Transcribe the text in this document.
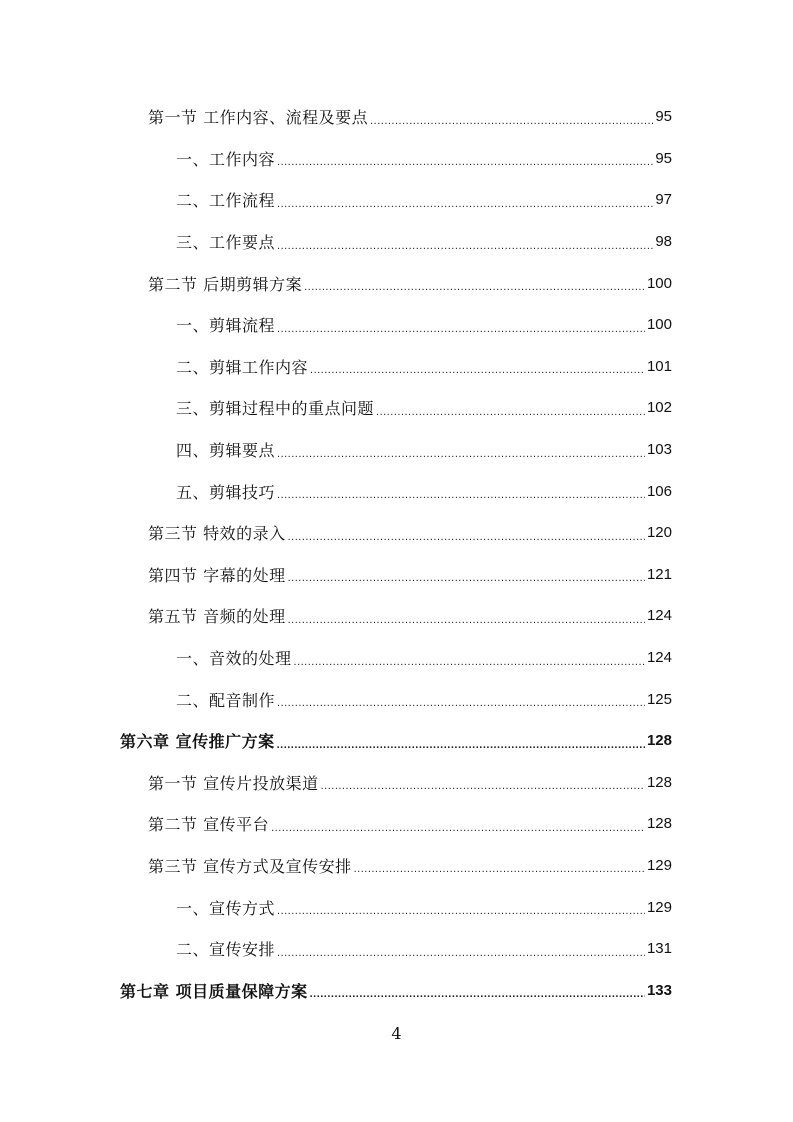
第一节 工作内容、流程及要点 .....	95
一、工作内容 .....	95
二、工作流程 .....	97
三、工作要点 .....	98
第二节 后期剪辑方案 .....	100
一、剪辑流程 .....	100
二、剪辑工作内容 .....	101
三、剪辑过程中的重点问题 .....	102
四、剪辑要点 .....	103
五、剪辑技巧 .....	106
第三节 特效的录入 .....	120
第四节 字幕的处理 .....	121
第五节 音频的处理 .....	124
一、音效的处理 .....	124
二、配音制作 .....	125
第六章 宣传推广方案 .....	128
第一节 宣传片投放渠道 .....	128
第二节 宣传平台 .....	128
第三节 宣传方式及宣传安排 .....	129
一、宣传方式 .....	129
二、宣传安排 .....	131
第七章 项目质量保障方案 .....	133
4
